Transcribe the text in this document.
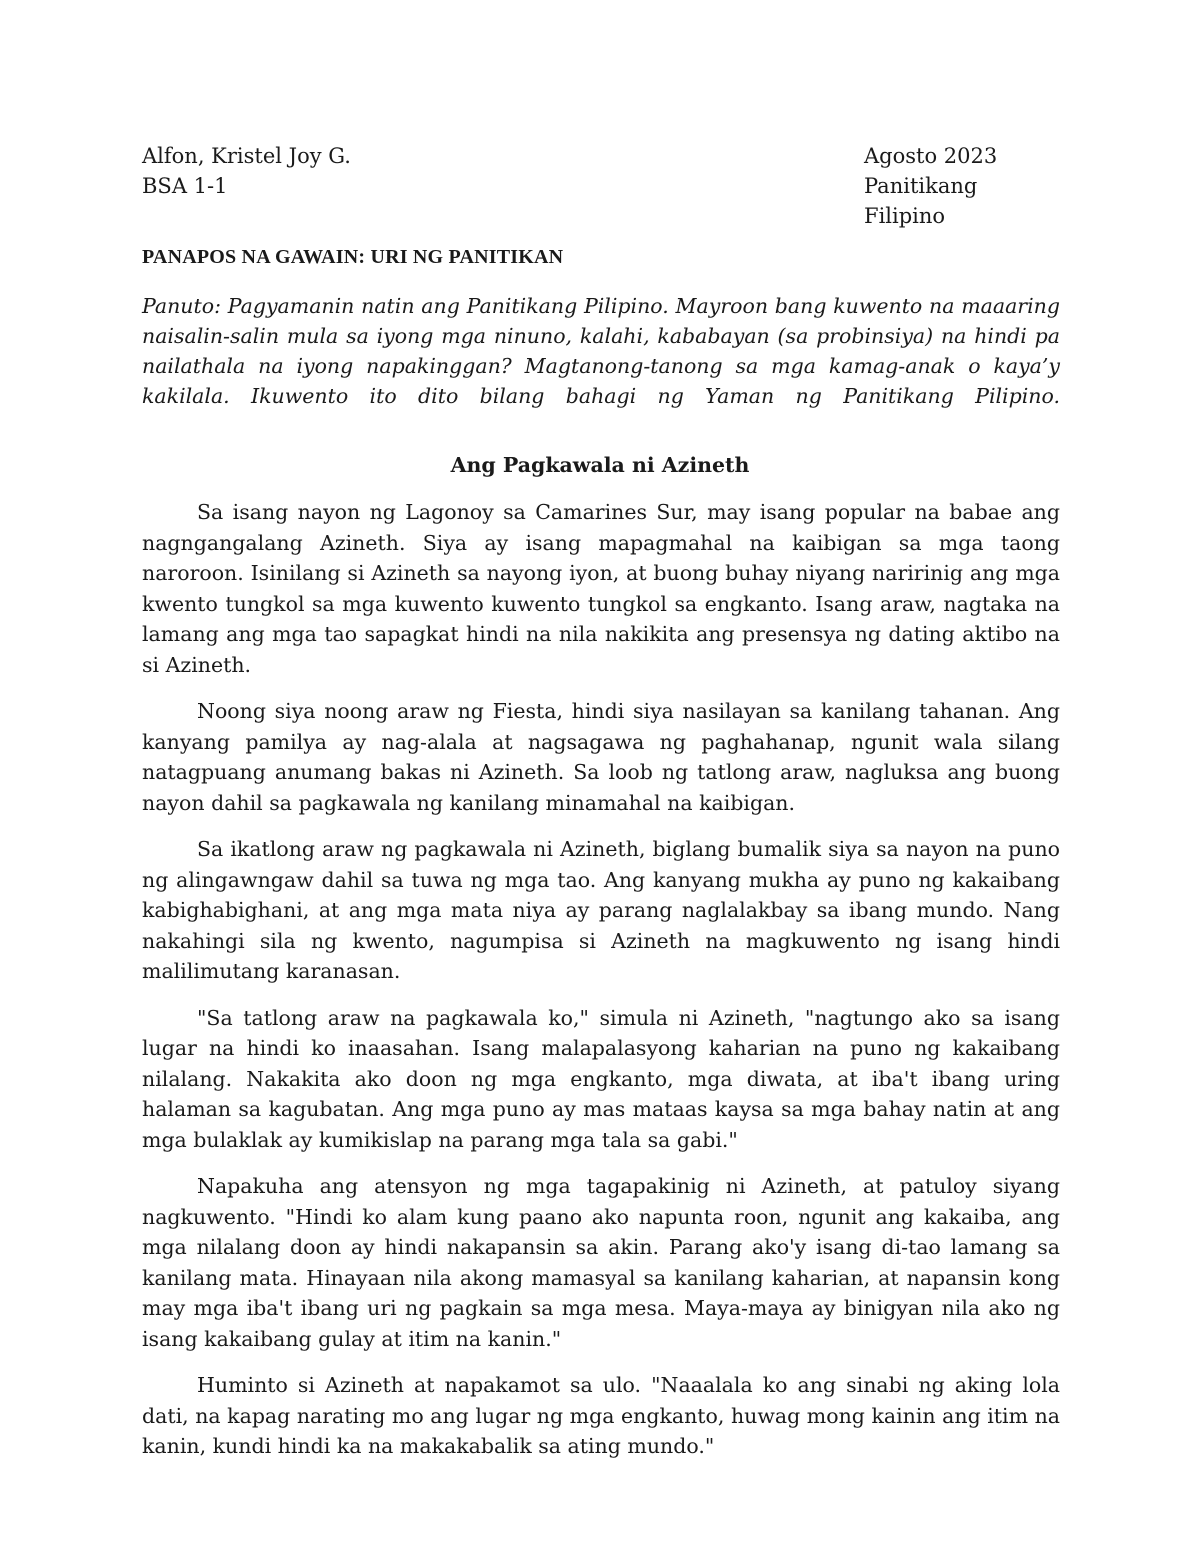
Alfon, Kristel Joy G.	Agosto 2023
BSA 1-1	Panitikang Filipino
PANAPOS NA GAWAIN: URI NG PANITIKAN
Panuto: Pagyamanin natin ang Panitikang Pilipino. Mayroon bang kuwento na maaaring naisalin-salin mula sa iyong mga ninuno, kalahi, kababayan (sa probinsiya) na hindi pa nailathala na iyong napakinggan? Magtanong-tanong sa mga kamag-anak o kaya’y kakilala. Ikuwento ito dito bilang bahagi ng Yaman ng Panitikang Pilipino.
Ang Pagkawala ni Azineth

Sa isang nayon ng Lagonoy sa Camarines Sur, may isang popular na babae ang nagngangalang Azineth. Siya ay isang mapagmahal na kaibigan sa mga taong naroroon. Isinilang si Azineth sa nayong iyon, at buong buhay niyang naririnig ang mga kwento tungkol sa mga kuwento kuwento tungkol sa engkanto. Isang araw, nagtaka na lamang ang mga tao sapagkat hindi na nila nakikita ang presensya ng dating aktibo na si Azineth.

Noong siya noong araw ng Fiesta, hindi siya nasilayan sa kanilang tahanan. Ang kanyang pamilya ay nag-alala at nagsagawa ng paghahanap, ngunit wala silang natagpuang anumang bakas ni Azineth. Sa loob ng tatlong araw, nagluksa ang buong nayon dahil sa pagkawala ng kanilang minamahal na kaibigan.

Sa ikatlong araw ng pagkawala ni Azineth, biglang bumalik siya sa nayon na puno ng alingawngaw dahil sa tuwa ng mga tao. Ang kanyang mukha ay puno ng kakaibang kabighabighani, at ang mga mata niya ay parang naglalakbay sa ibang mundo. Nang nakahingi sila ng kwento, nagumpisa si Azineth na magkuwento ng isang hindi malilimutang karanasan.

"Sa tatlong araw na pagkawala ko," simula ni Azineth, "nagtungo ako sa isang lugar na hindi ko inaasahan. Isang malapalasyong kaharian na puno ng kakaibang nilalang. Nakakita ako doon ng mga engkanto, mga diwata, at iba't ibang uring halaman sa kagubatan. Ang mga puno ay mas mataas kaysa sa mga bahay natin at ang mga bulaklak ay kumikislap na parang mga tala sa gabi."

Napakuha ang atensyon ng mga tagapakinig ni Azineth, at patuloy siyang nagkuwento. "Hindi ko alam kung paano ako napunta roon, ngunit ang kakaiba, ang mga nilalang doon ay hindi nakapansin sa akin. Parang ako'y isang di-tao lamang sa kanilang mata. Hinayaan nila akong mamasyal sa kanilang kaharian, at napansin kong may mga iba't ibang uri ng pagkain sa mga mesa. Maya-maya ay binigyan nila ako ng isang kakaibang gulay at itim na kanin."

Huminto si Azineth at napakamot sa ulo. "Naaalala ko ang sinabi ng aking lola dati, na kapag narating mo ang lugar ng mga engkanto, huwag mong kainin ang itim na kanin, kundi hindi ka na makakabalik sa ating mundo."
